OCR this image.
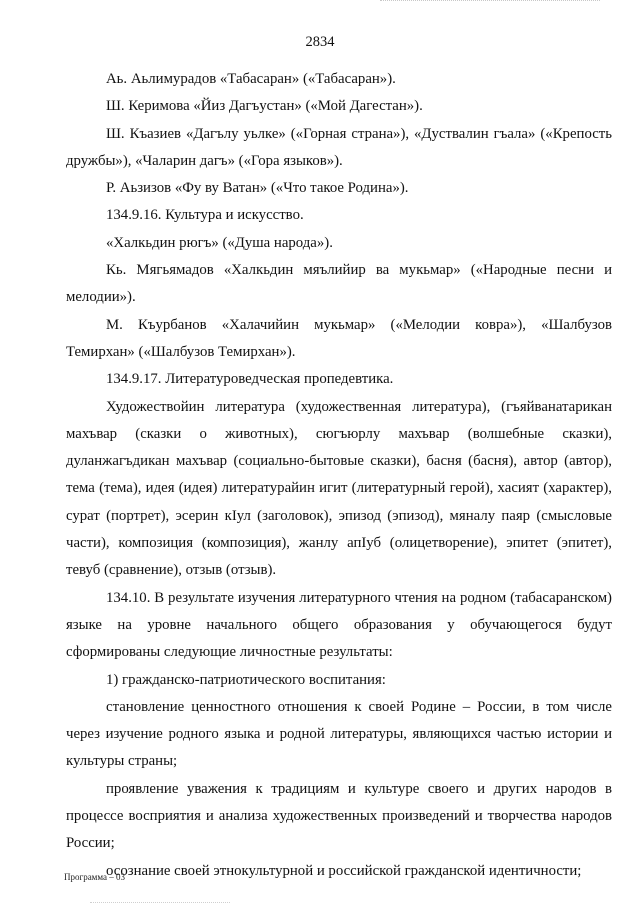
2834

Аь. Аьлимурадов «Табасаран» («Табасаран»).

Ш. Керимова «Йиз Дагъустан» («Мой Дагестан»).

Ш. Къазиев «Дагълу уьлке» («Горная страна»), «Дуствалин гъала» («Крепость дружбы»), «Чаларин дагъ» («Гора языков»).

Р. Аьзизов «Фу ву Ватан» («Что такое Родина»).

134.9.16. Культура и искусство.

«Халкьдин рюгъ» («Душа народа»).

Кь. Мягьямадов «Халкьдин мяълийир ва мукьмар» («Народные песни и мелодии»).

М. Къурбанов «Халачийин мукьмар» («Мелодии ковра»), «Шалбузов Темирхан» («Шалбузов Темирхан»).

134.9.17. Литературоведческая пропедевтика.

Художествойин литература (художественная литература), (гъяйванатарикан махъвар (сказки о животных), сюгъюрлу махъвар (волшебные сказки), дуланжагъдикан махъвар (социально-бытовые сказки), басня (басня), автор (автор), тема (тема), идея (идея) литературайин игит (литературный герой), хасият (характер), сурат (портрет), эсерин кIул (заголовок), эпизод (эпизод), мяналу паяр (смысловые части), композиция (композиция), жанлу апIуб (олицетворение), эпитет (эпитет), тевуб (сравнение), отзыв (отзыв).

134.10. В результате изучения литературного чтения на родном (табасаранском) языке на уровне начального общего образования у обучающегося будут сформированы следующие личностные результаты:

1) гражданско-патриотического воспитания:

становление ценностного отношения к своей Родине – России, в том числе через изучение родного языка и родной литературы, являющихся частью истории и культуры страны;

проявление уважения к традициям и культуре своего и других народов в процессе восприятия и анализа художественных произведений и творчества народов России;

осознание своей этнокультурной и российской гражданской идентичности;

Программа – 03
